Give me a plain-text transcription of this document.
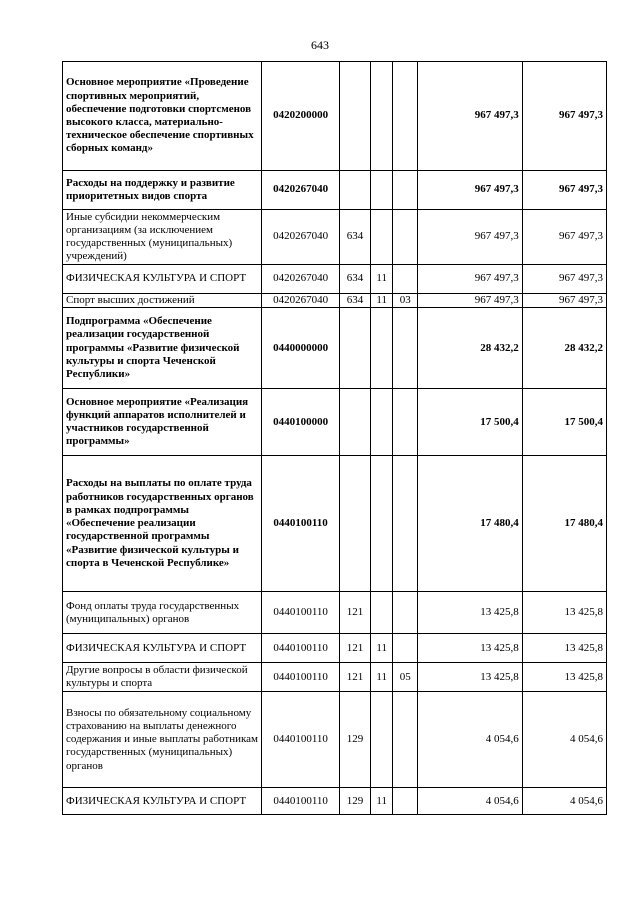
643
Основное мероприятие «Проведение спортивных мероприятий, обеспечение подготовки спортсменов высокого класса, материально-техническое обеспечение спортивных сборных команд»	0420200000				967 497,3	967 497,3
Расходы на поддержку и развитие приоритетных видов спорта	0420267040				967 497,3	967 497,3
Иные субсидии некоммерческим организациям (за исключением государственных (муниципальных) учреждений)	0420267040	634			967 497,3	967 497,3
ФИЗИЧЕСКАЯ КУЛЬТУРА И СПОРТ	0420267040	634	11		967 497,3	967 497,3
Спорт высших достижений	0420267040	634	11	03	967 497,3	967 497,3
Подпрограмма «Обеспечение реализации государственной программы «Развитие физической культуры и спорта Чеченской Республики»	0440000000				28 432,2	28 432,2
Основное мероприятие «Реализация функций аппаратов исполнителей и участников государственной программы»	0440100000				17 500,4	17 500,4
Расходы на выплаты по оплате труда работников государственных органов в рамках подпрограммы «Обеспечение реализации государственной программы «Развитие физической культуры и спорта в Чеченской Республике»	0440100110				17 480,4	17 480,4
Фонд оплаты труда государственных (муниципальных) органов	0440100110	121			13 425,8	13 425,8
ФИЗИЧЕСКАЯ КУЛЬТУРА И СПОРТ	0440100110	121	11		13 425,8	13 425,8
Другие вопросы в области физической культуры и спорта	0440100110	121	11	05	13 425,8	13 425,8
Взносы по обязательному социальному страхованию на выплаты денежного содержания и иные выплаты работникам государственных (муниципальных) органов	0440100110	129			4 054,6	4 054,6
ФИЗИЧЕСКАЯ КУЛЬТУРА И СПОРТ	0440100110	129	11		4 054,6	4 054,6
